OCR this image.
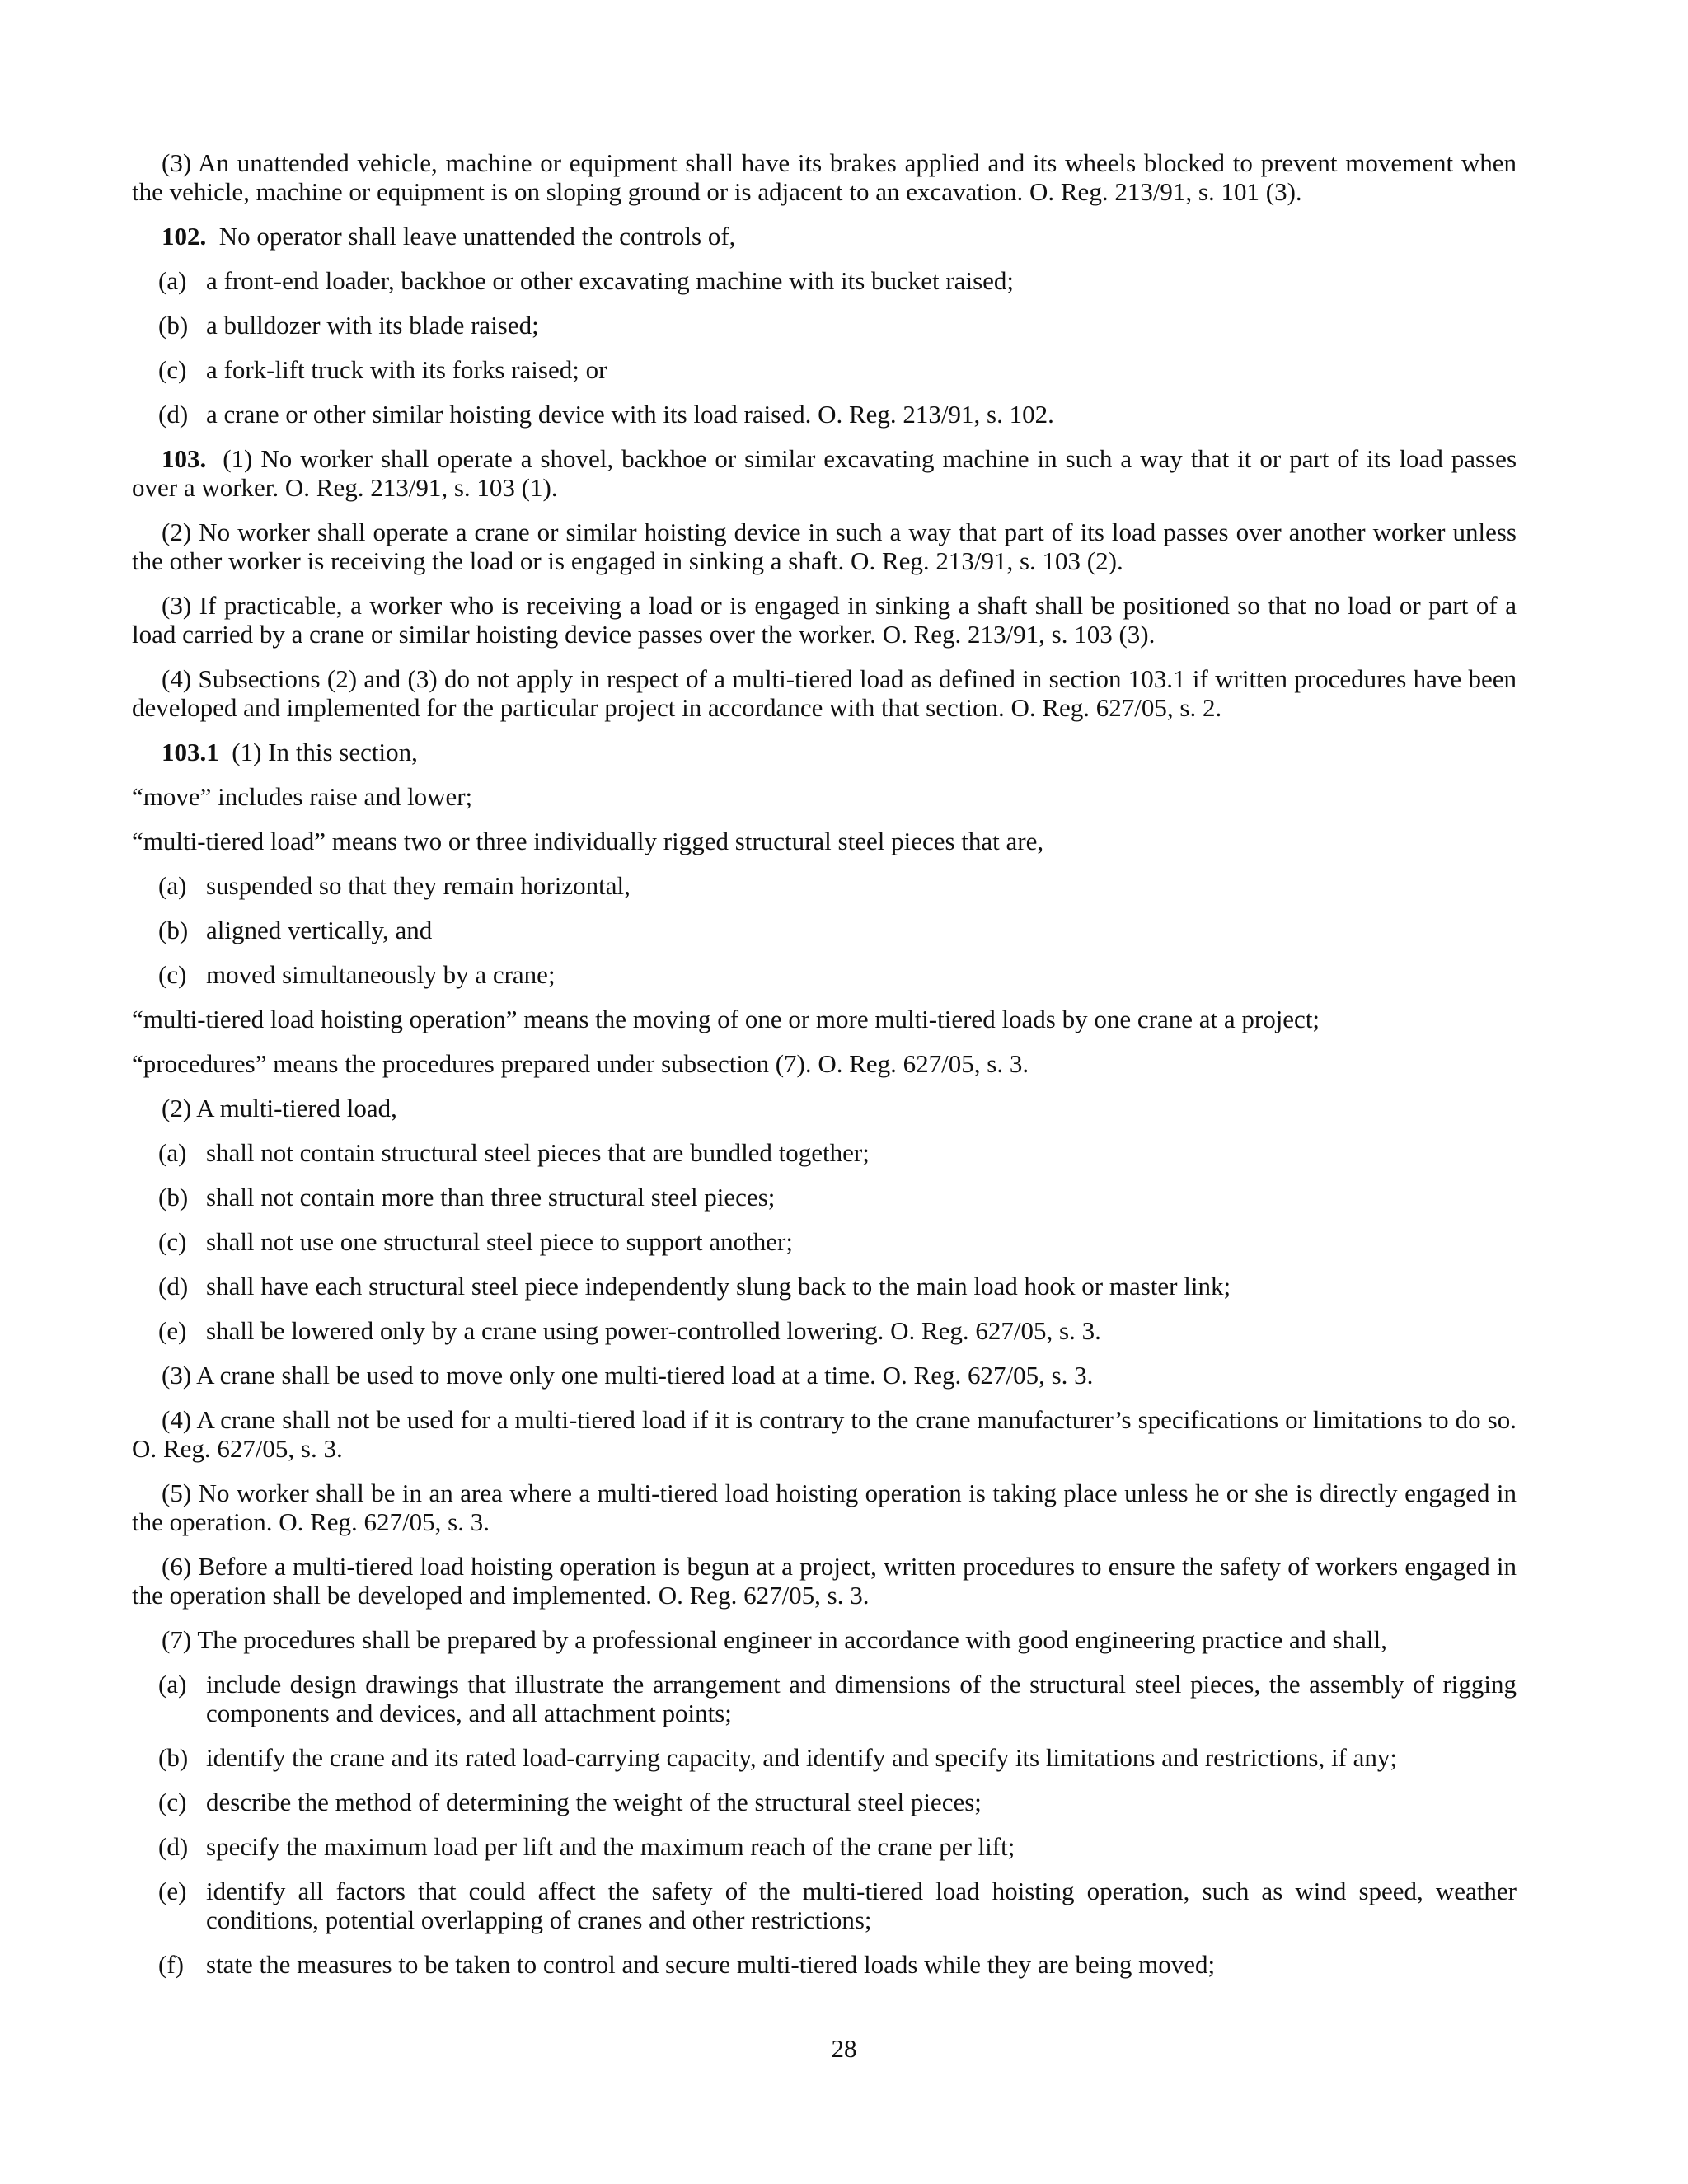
(3) An unattended vehicle, machine or equipment shall have its brakes applied and its wheels blocked to prevent movement when the vehicle, machine or equipment is on sloping ground or is adjacent to an excavation. O. Reg. 213/91, s. 101 (3).

102. No operator shall leave unattended the controls of,

(a) a front-end loader, backhoe or other excavating machine with its bucket raised;
(b) a bulldozer with its blade raised;
(c) a fork-lift truck with its forks raised; or
(d) a crane or other similar hoisting device with its load raised. O. Reg. 213/91, s. 102.

103. (1) No worker shall operate a shovel, backhoe or similar excavating machine in such a way that it or part of its load passes over a worker. O. Reg. 213/91, s. 103 (1).

(2) No worker shall operate a crane or similar hoisting device in such a way that part of its load passes over another worker unless the other worker is receiving the load or is engaged in sinking a shaft. O. Reg. 213/91, s. 103 (2).

(3) If practicable, a worker who is receiving a load or is engaged in sinking a shaft shall be positioned so that no load or part of a load carried by a crane or similar hoisting device passes over the worker. O. Reg. 213/91, s. 103 (3).

(4) Subsections (2) and (3) do not apply in respect of a multi-tiered load as defined in section 103.1 if written procedures have been developed and implemented for the particular project in accordance with that section. O. Reg. 627/05, s. 2.

103.1 (1) In this section,

“move” includes raise and lower;

“multi-tiered load” means two or three individually rigged structural steel pieces that are,

(a) suspended so that they remain horizontal,
(b) aligned vertically, and
(c) moved simultaneously by a crane;

“multi-tiered load hoisting operation” means the moving of one or more multi-tiered loads by one crane at a project;

“procedures” means the procedures prepared under subsection (7). O. Reg. 627/05, s. 3.

(2) A multi-tiered load,

(a) shall not contain structural steel pieces that are bundled together;
(b) shall not contain more than three structural steel pieces;
(c) shall not use one structural steel piece to support another;
(d) shall have each structural steel piece independently slung back to the main load hook or master link;
(e) shall be lowered only by a crane using power-controlled lowering. O. Reg. 627/05, s. 3.

(3) A crane shall be used to move only one multi-tiered load at a time. O. Reg. 627/05, s. 3.

(4) A crane shall not be used for a multi-tiered load if it is contrary to the crane manufacturer’s specifications or limitations to do so. O. Reg. 627/05, s. 3.

(5) No worker shall be in an area where a multi-tiered load hoisting operation is taking place unless he or she is directly engaged in the operation. O. Reg. 627/05, s. 3.

(6) Before a multi-tiered load hoisting operation is begun at a project, written procedures to ensure the safety of workers engaged in the operation shall be developed and implemented. O. Reg. 627/05, s. 3.

(7) The procedures shall be prepared by a professional engineer in accordance with good engineering practice and shall,

(a) include design drawings that illustrate the arrangement and dimensions of the structural steel pieces, the assembly of rigging components and devices, and all attachment points;
(b) identify the crane and its rated load-carrying capacity, and identify and specify its limitations and restrictions, if any;
(c) describe the method of determining the weight of the structural steel pieces;
(d) specify the maximum load per lift and the maximum reach of the crane per lift;
(e) identify all factors that could affect the safety of the multi-tiered load hoisting operation, such as wind speed, weather conditions, potential overlapping of cranes and other restrictions;
(f) state the measures to be taken to control and secure multi-tiered loads while they are being moved;
28
